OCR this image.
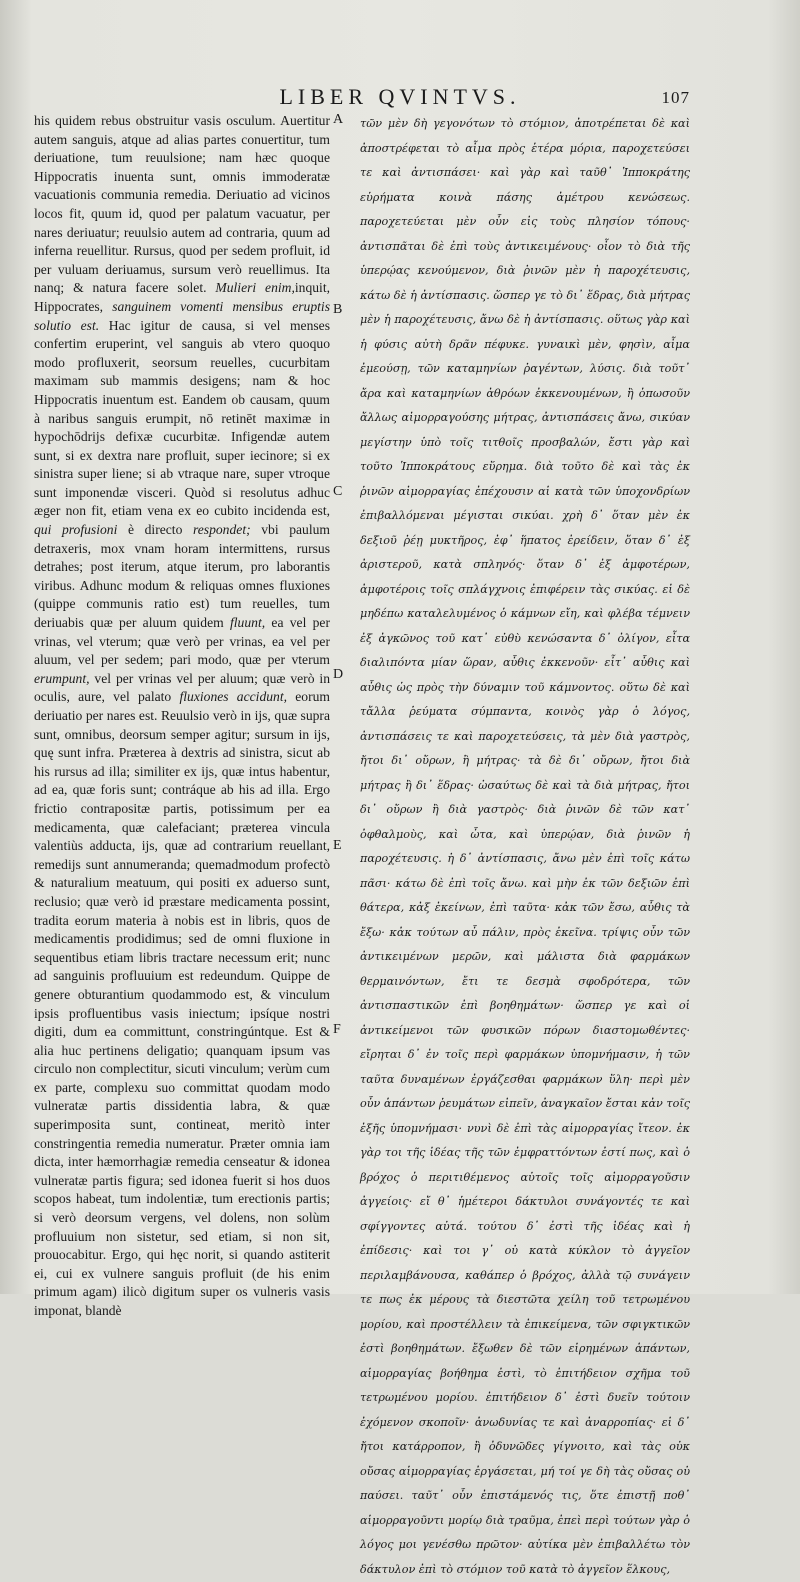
LIBER QVINTVS.	107

his quidem rebus obstruitur vasis osculum. Auertitur autem sanguis, atque ad alias partes conuertitur, tum deriuatione, tum reuulsione; nam hæc quoque Hippocratis inuenta sunt, omnis immoderatæ vacuationis communia remedia. Deriuatio ad vicinos locos fit, quum id, quod per palatum vacuatur, per nares deriuatur; reuulsio autem ad contraria, quum ad inferna reuellitur. Rursus, quod per sedem profluit, id per vuluam deriuamus, sursum verò reuellimus. Ita nanq; & natura facere solet. Mulieri enim,inquit, Hippocrates, sanguinem vomenti mensibus eruptis solutio est. Hac igitur de causa, si vel menses confertim eruperint, vel sanguis ab vtero quoquo modo profluxerit, seorsum reuelles, cucurbitam maximam sub mammis desigens; nam & hoc Hippocratis inuentum est. Eandem ob causam, quum à naribus sanguis erumpit, nō retinēt maximæ in hypochōdrijs defixæ cucurbitæ. Infigendæ autem sunt, si ex dextra nare profluit, super iecinore; si ex sinistra super liene; si ab vtraque nare, super vtroque sunt imponendæ visceri. Quòd si resolutus adhuc æger non fit, etiam vena ex eo cubito incidenda est, qui profusioni è directo respondet; vbi paulum detraxeris, mox vnam horam intermittens, rursus detrahes; post iterum, atque iterum, pro laborantis viribus. Adhunc modum & reliquas omnes fluxiones (quippe communis ratio est) tum reuelles, tum deriuabis quæ per aluum quidem fluunt, ea vel per vrinas, vel vterum; quæ verò per vrinas, ea vel per aluum, vel per sedem; pari modo, quæ per vterum erumpunt, vel per vrinas vel per aluum; quæ verò in oculis, aure, vel palato fluxiones accidunt, eorum deriuatio per nares est. Reuulsio verò in ijs, quæ supra sunt, omnibus, deorsum semper agitur; sursum in ijs, quę sunt infra. Præterea à dextris ad sinistra, sicut ab his rursus ad illa; similiter ex ijs, quæ intus habentur, ad ea, quæ foris sunt; contráque ab his ad illa. Ergo frictio contrapositæ partis, potissimum per ea medicamenta, quæ calefaciant; præterea vincula valentiùs adducta, ijs, quæ ad contrarium reuellant, remedijs sunt annumeranda; quemadmodum profectò & naturalium meatuum, qui positi ex aduerso sunt, reclusio; quæ verò id præstare medicamenta possint, tradita eorum materia à nobis est in libris, quos de medicamentis prodidimus; sed de omni fluxione in sequentibus etiam libris tractare necessum erit; nunc ad sanguinis profluuium est redeundum. Quippe de genere obturantium quodammodo est, & vinculum ipsis profluentibus vasis iniectum; ipsíque nostri digiti, dum ea committunt, constringúntque. Est & alia huc pertinens deligatio; quanquam ipsum vas circulo non complectitur, sicuti vinculum; verùm cum ex parte, complexu suo committat quodam modo vulneratæ partis dissidentia labra, & quæ superimposita sunt, contineat, meritò inter constringentia remedia numeratur. Præter omnia iam dicta, inter hæmorrhagiæ remedia censeatur & idonea vulneratæ partis figura; sed idonea fuerit si hos duos scopos habeat, tum indolentiæ, tum erectionis partis; si verò deorsum vergens, vel dolens, non solùm profluuium non sistetur, sed etiam, si non sit, prouocabitur. Ergo, qui hęc norit, si quando astiterit ei, cui ex vulnere sanguis profluit (de his enim primum agam) ilicò digitum super os vulneris vasis imponat, blandè

A
B
C
D
E
F

τῶν μὲν δὴ γεγονότων τὸ στόμιον, ἀποτρέπεται δὲ καὶ ἀποστρέφεται τὸ αἷμα πρὸς ἑτέρα μόρια, παροχετεύσει τε καὶ ἀντισπάσει· καὶ γὰρ καὶ ταῦθ᾽ Ἱπποκράτης εὑρήματα κοινὰ πάσης ἀμέτρου κενώσεως. παροχετεύεται μὲν οὖν εἰς τοὺς πλησίον τόπους· ἀντισπᾶται δὲ ἐπὶ τοὺς ἀντικειμένους· οἷον τὸ διὰ τῆς ὑπερῴας κενούμενον, διὰ ῥινῶν μὲν ἡ παροχέτευσις, κάτω δὲ ἡ ἀντίσπασις. ὥσπερ γε τὸ δι᾽ ἕδρας, διὰ μήτρας μὲν ἡ παροχέτευσις, ἄνω δὲ ἡ ἀντίσπασις. οὕτως γὰρ καὶ ἡ φύσις αὐτὴ δρᾶν πέφυκε. γυναικὶ μὲν, φησὶν, αἷμα ἐμεούσῃ, τῶν καταμηνίων ῥαγέντων, λύσις. διὰ τοῦτ᾽ ἄρα καὶ καταμηνίων ἀθρόων ἐκκενουμένων, ἢ ὁπωσοῦν ἄλλως αἱμορραγούσης μήτρας, ἀντισπάσεις ἄνω, σικύαν μεγίστην ὑπὸ τοῖς τιτθοῖς προσβαλών, ἔστι γὰρ καὶ τοῦτο Ἱπποκράτους εὕρημα. διὰ τοῦτο δὲ καὶ τὰς ἐκ ῥινῶν αἱμορραγίας ἐπέχουσιν αἱ κατὰ τῶν ὑποχονδρίων ἐπιβαλλόμεναι μέγισται σικύαι. χρὴ δ᾽ ὅταν μὲν ἐκ δεξιοῦ ῥέῃ μυκτῆρος, ἐφ᾽ ἥπατος ἐρείδειν, ὅταν δ᾽ ἐξ ἀριστεροῦ, κατὰ σπληνός· ὅταν δ᾽ ἐξ ἀμφοτέρων, ἀμφοτέροις τοῖς σπλάγχνοις ἐπιφέρειν τὰς σικύας. εἰ δὲ μηδέπω καταλελυμένος ὁ κάμνων εἴη, καὶ φλέβα τέμνειν ἐξ ἀγκῶνος τοῦ κατ᾽ εὐθὺ κενώσαντα δ᾽ ὀλίγον, εἶτα διαλιπόντα μίαν ὥραν, αὖθις ἐκκενοῦν· εἶτ᾽ αὖθις καὶ αὖθις ὡς πρὸς τὴν δύναμιν τοῦ κάμνοντος. οὕτω δὲ καὶ τἄλλα ῥεύματα σύμπαντα, κοινὸς γὰρ ὁ λόγος, ἀντισπάσεις τε καὶ παροχετεύσεις, τὰ μὲν διὰ γαστρὸς, ἤτοι δι᾽ οὔρων, ἢ μήτρας· τὰ δὲ δι᾽ οὔρων, ἤτοι διὰ μήτρας ἢ δι᾽ ἕδρας· ὡσαύτως δὲ καὶ τὰ διὰ μήτρας, ἤτοι δι᾽ οὔρων ἢ διὰ γαστρὸς· διὰ ῥινῶν δὲ τῶν κατ᾽ ὀφθαλμοὺς, καὶ ὦτα, καὶ ὑπερῴαν, διὰ ῥινῶν ἡ παροχέτευσις. ἡ δ᾽ ἀντίσπασις, ἄνω μὲν ἐπὶ τοῖς κάτω πᾶσι· κάτω δὲ ἐπὶ τοῖς ἄνω. καὶ μὴν ἐκ τῶν δεξιῶν ἐπὶ θάτερα, κἀξ ἐκείνων, ἐπὶ ταῦτα· κἀκ τῶν ἔσω, αὖθις τὰ ἔξω· κἀκ τούτων αὖ πάλιν, πρὸς ἐκεῖνα. τρίψις οὖν τῶν ἀντικειμένων μερῶν, καὶ μάλιστα διὰ φαρμάκων θερμαινόντων, ἔτι τε δεσμὰ σφοδρότερα, τῶν ἀντισπαστικῶν ἐπὶ βοηθημάτων· ὥσπερ γε καὶ οἱ ἀντικείμενοι τῶν φυσικῶν πόρων διαστομωθέντες· εἴρηται δ᾽ ἐν τοῖς περὶ φαρμάκων ὑπομνήμασιν, ἡ τῶν ταῦτα δυναμένων ἐργάζεσθαι φαρμάκων ὕλη· περὶ μὲν οὖν ἁπάντων ῥευμάτων εἰπεῖν, ἀναγκαῖον ἔσται κἀν τοῖς ἑξῆς ὑπομνήμασι· νυνὶ δὲ ἐπὶ τὰς αἱμορραγίας ἴτεον. ἐκ γὰρ τοι τῆς ἰδέας τῆς τῶν ἐμφραττόντων ἐστί πως, καὶ ὁ βρόχος ὁ περιτιθέμενος αὐτοῖς τοῖς αἱμορραγοῦσιν ἀγγείοις· εἴ θ᾽ ἡμέτεροι δάκτυλοι συνάγοντές τε καὶ σφίγγοντες αὐτά. τούτου δ᾽ ἐστὶ τῆς ἰδέας καὶ ἡ ἐπίδεσις· καὶ τοι γ᾽ οὐ κατὰ κύκλον τὸ ἀγγεῖον περιλαμβάνουσα, καθάπερ ὁ βρόχος, ἀλλὰ τῷ συνάγειν τε πως ἐκ μέρους τὰ διεστῶτα χείλη τοῦ τετρωμένου μορίου, καὶ προστέλλειν τὰ ἐπικείμενα, τῶν σφιγκτικῶν ἐστὶ βοηθημάτων. ἔξωθεν δὲ τῶν εἰρημένων ἁπάντων, αἱμορραγίας βοήθημα ἐστὶ, τὸ ἐπιτήδειον σχῆμα τοῦ τετρωμένου μορίου. ἐπιτήδειον δ᾽ ἐστὶ δυεῖν τούτοιν ἐχόμενον σκοποῖν· ἀνωδυνίας τε καὶ ἀναρροπίας· εἰ δ᾽ ἤτοι κατάρροπον, ἢ ὀδυνῶδες γίγνοιτο, καὶ τὰς οὐκ οὔσας αἱμορραγίας ἐργάσεται, μή τοί γε δὴ τὰς οὔσας οὐ παύσει. ταῦτ᾽ οὖν ἐπιστάμενός τις, ὅτε ἐπιστῇ ποθ᾽ αἱμορραγοῦντι μορίῳ διὰ τραῦμα, ἐπεὶ περὶ τούτων γὰρ ὁ λόγος μοι γενέσθω πρῶτον· αὐτίκα μὲν ἐπιβαλλέτω τὸν δάκτυλον ἐπὶ τὸ στόμιον τοῦ κατὰ τὸ ἀγγεῖον ἕλκους,
